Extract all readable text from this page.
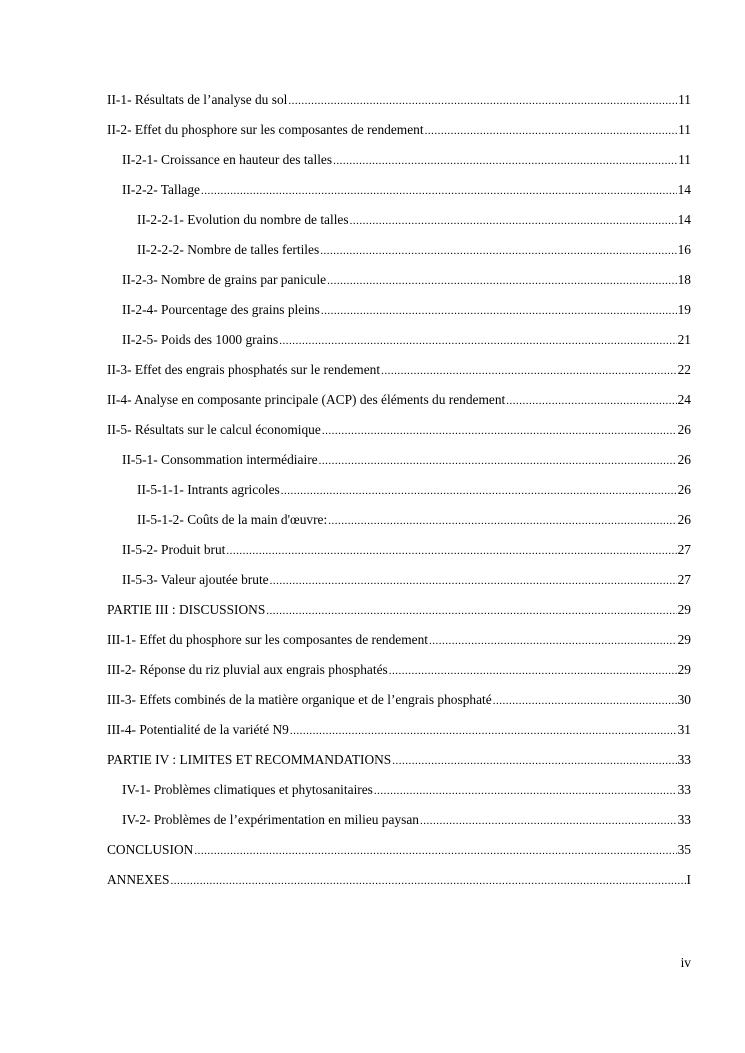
II-1- Résultats de l’analyse du sol .....	11
II-2- Effet du phosphore sur les composantes de rendement .....	11
II-2-1- Croissance en hauteur des talles .....	11
II-2-2- Tallage .....	14
II-2-2-1- Evolution du nombre de talles .....	14
II-2-2-2- Nombre de talles fertiles .....	16
II-2-3- Nombre de grains par panicule .....	18
II-2-4- Pourcentage des grains pleins .....	19
II-2-5- Poids des 1000 grains .....	21
II-3- Effet des engrais phosphatés sur le rendement .....	22
II-4- Analyse en composante principale (ACP) des éléments du rendement .....	24
II-5- Résultats sur le calcul économique .....	26
II-5-1- Consommation intermédiaire .....	26
II-5-1-1- Intrants agricoles .....	26
II-5-1-2- Coûts de la main d'œuvre: .....	26
II-5-2- Produit brut .....	27
II-5-3- Valeur ajoutée brute .....	27
PARTIE III : DISCUSSIONS .....	29
III-1- Effet du phosphore sur les composantes de rendement .....	29
III-2- Réponse du riz pluvial aux engrais phosphatés .....	29
III-3- Effets combinés de la matière organique et de l’engrais phosphaté .....	30
III-4- Potentialité de la variété N9 .....	31
PARTIE IV : LIMITES ET RECOMMANDATIONS .....	33
IV-1- Problèmes climatiques et phytosanitaires .....	33
IV-2- Problèmes de l’expérimentation en milieu paysan .....	33
CONCLUSION .....	35
ANNEXES .....	I
iv
